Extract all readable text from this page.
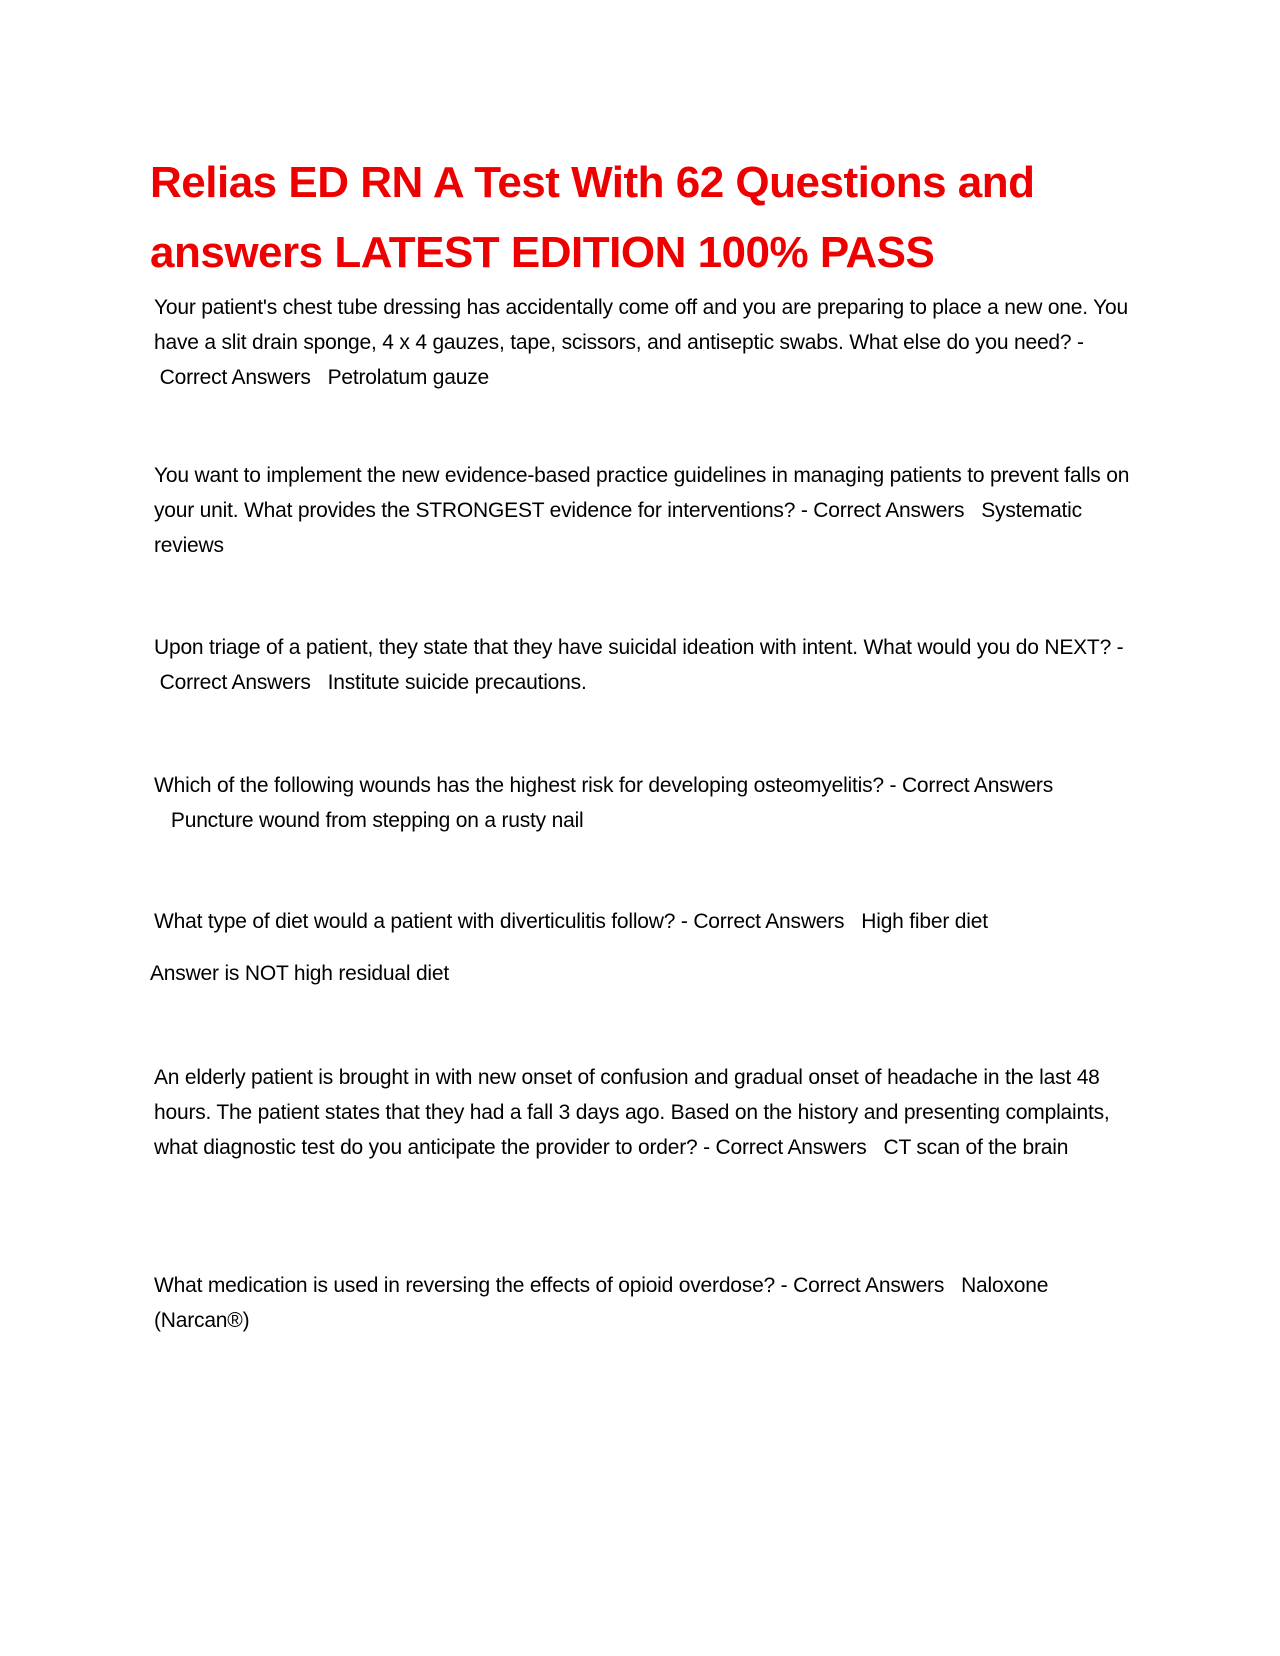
Relias ED RN A Test With 62 Questions and answers LATEST EDITION 100% PASS

Your patient's chest tube dressing has accidentally come off and you are preparing to place a new one. You have a slit drain sponge, 4 x 4 gauzes, tape, scissors, and antiseptic swabs. What else do you need? - Correct Answers Petrolatum gauze

You want to implement the new evidence-based practice guidelines in managing patients to prevent falls on your unit. What provides the STRONGEST evidence for interventions? - Correct Answers Systematic reviews

Upon triage of a patient, they state that they have suicidal ideation with intent. What would you do NEXT? - Correct Answers Institute suicide precautions.

Which of the following wounds has the highest risk for developing osteomyelitis? - Correct Answers   Puncture wound from stepping on a rusty nail

What type of diet would a patient with diverticulitis follow? - Correct Answers High fiber diet

Answer is NOT high residual diet

An elderly patient is brought in with new onset of confusion and gradual onset of headache in the last 48 hours. The patient states that they had a fall 3 days ago. Based on the history and presenting complaints, what diagnostic test do you anticipate the provider to order? - Correct Answers CT scan of the brain

What medication is used in reversing the effects of opioid overdose? - Correct Answers Naloxone (Narcan®)
